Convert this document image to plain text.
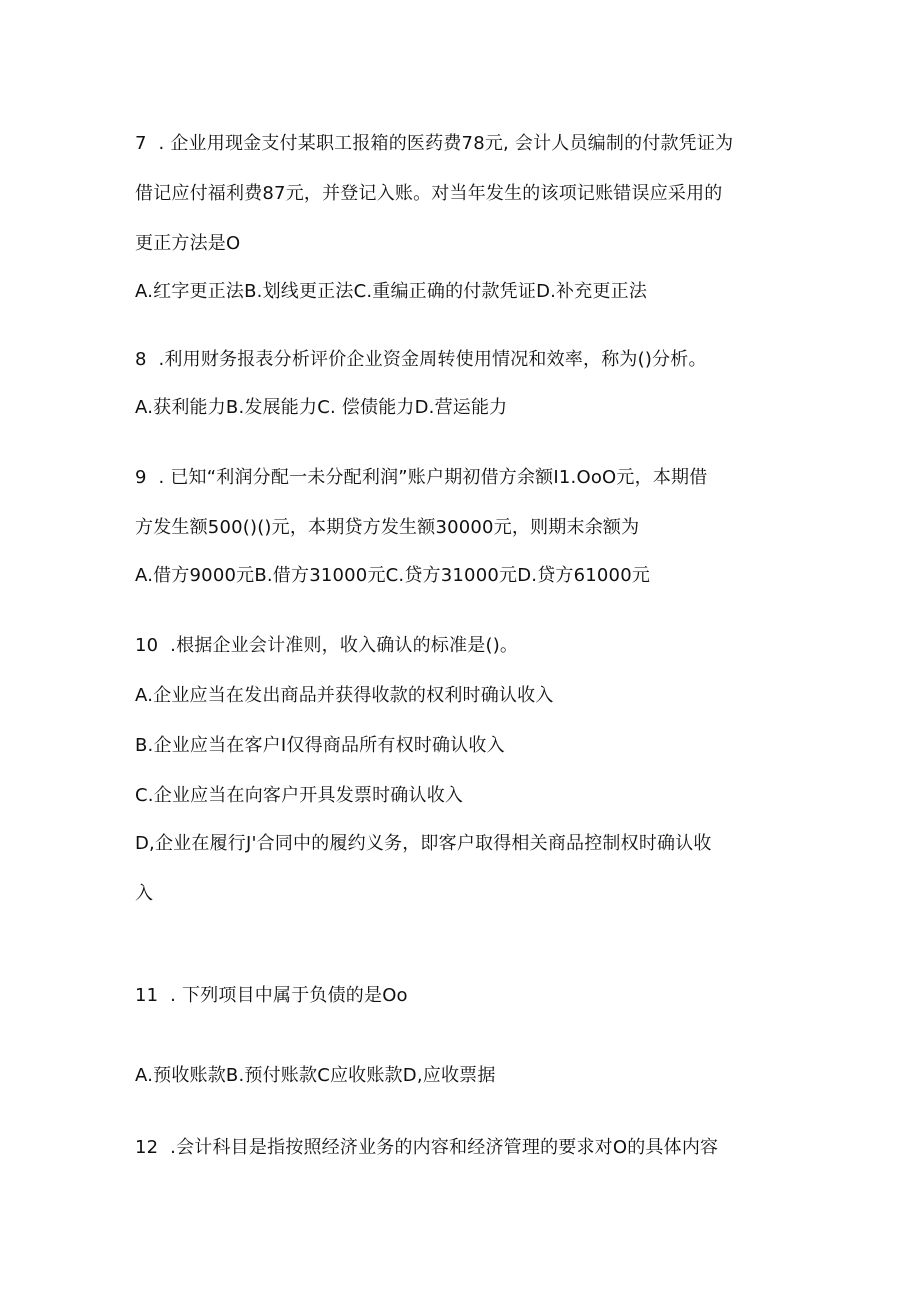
7  . 企业用现金支付某职工报箱的医药费78元, 会计人员编制的付款凭证为
借记应付福利费87元，并登记入账。对当年发生的该项记账错误应采用的
更正方法是O
A.红字更正法B.划线更正法C.重编正确的付款凭证D.补充更正法
8  .利用财务报表分析评价企业资金周转使用情况和效率，称为()分析。
A.获利能力B.发展能力C. 偿债能力D.营运能力
9  . 已知“利润分配一未分配利润”账户期初借方余额I1.OoO元，本期借
方发生额500()()元，本期贷方发生额30000元，则期末余额为
A.借方9000元B.借方31000元C.贷方31000元D.贷方61000元
10  .根据企业会计准则，收入确认的标准是()。
A.企业应当在发出商品并获得收款的权利时确认收入
B.企业应当在客户I仅得商品所有权时确认收入
C.企业应当在向客户开具发票时确认收入
D,企业在履行J'合同中的履约义务，即客户取得相关商品控制权时确认收
入
11  . 下列项目中属于负债的是Oo
A.预收账款B.预付账款C应收账款D,应收票据
12  .会计科目是指按照经济业务的内容和经济管理的要求对O的具体内容
